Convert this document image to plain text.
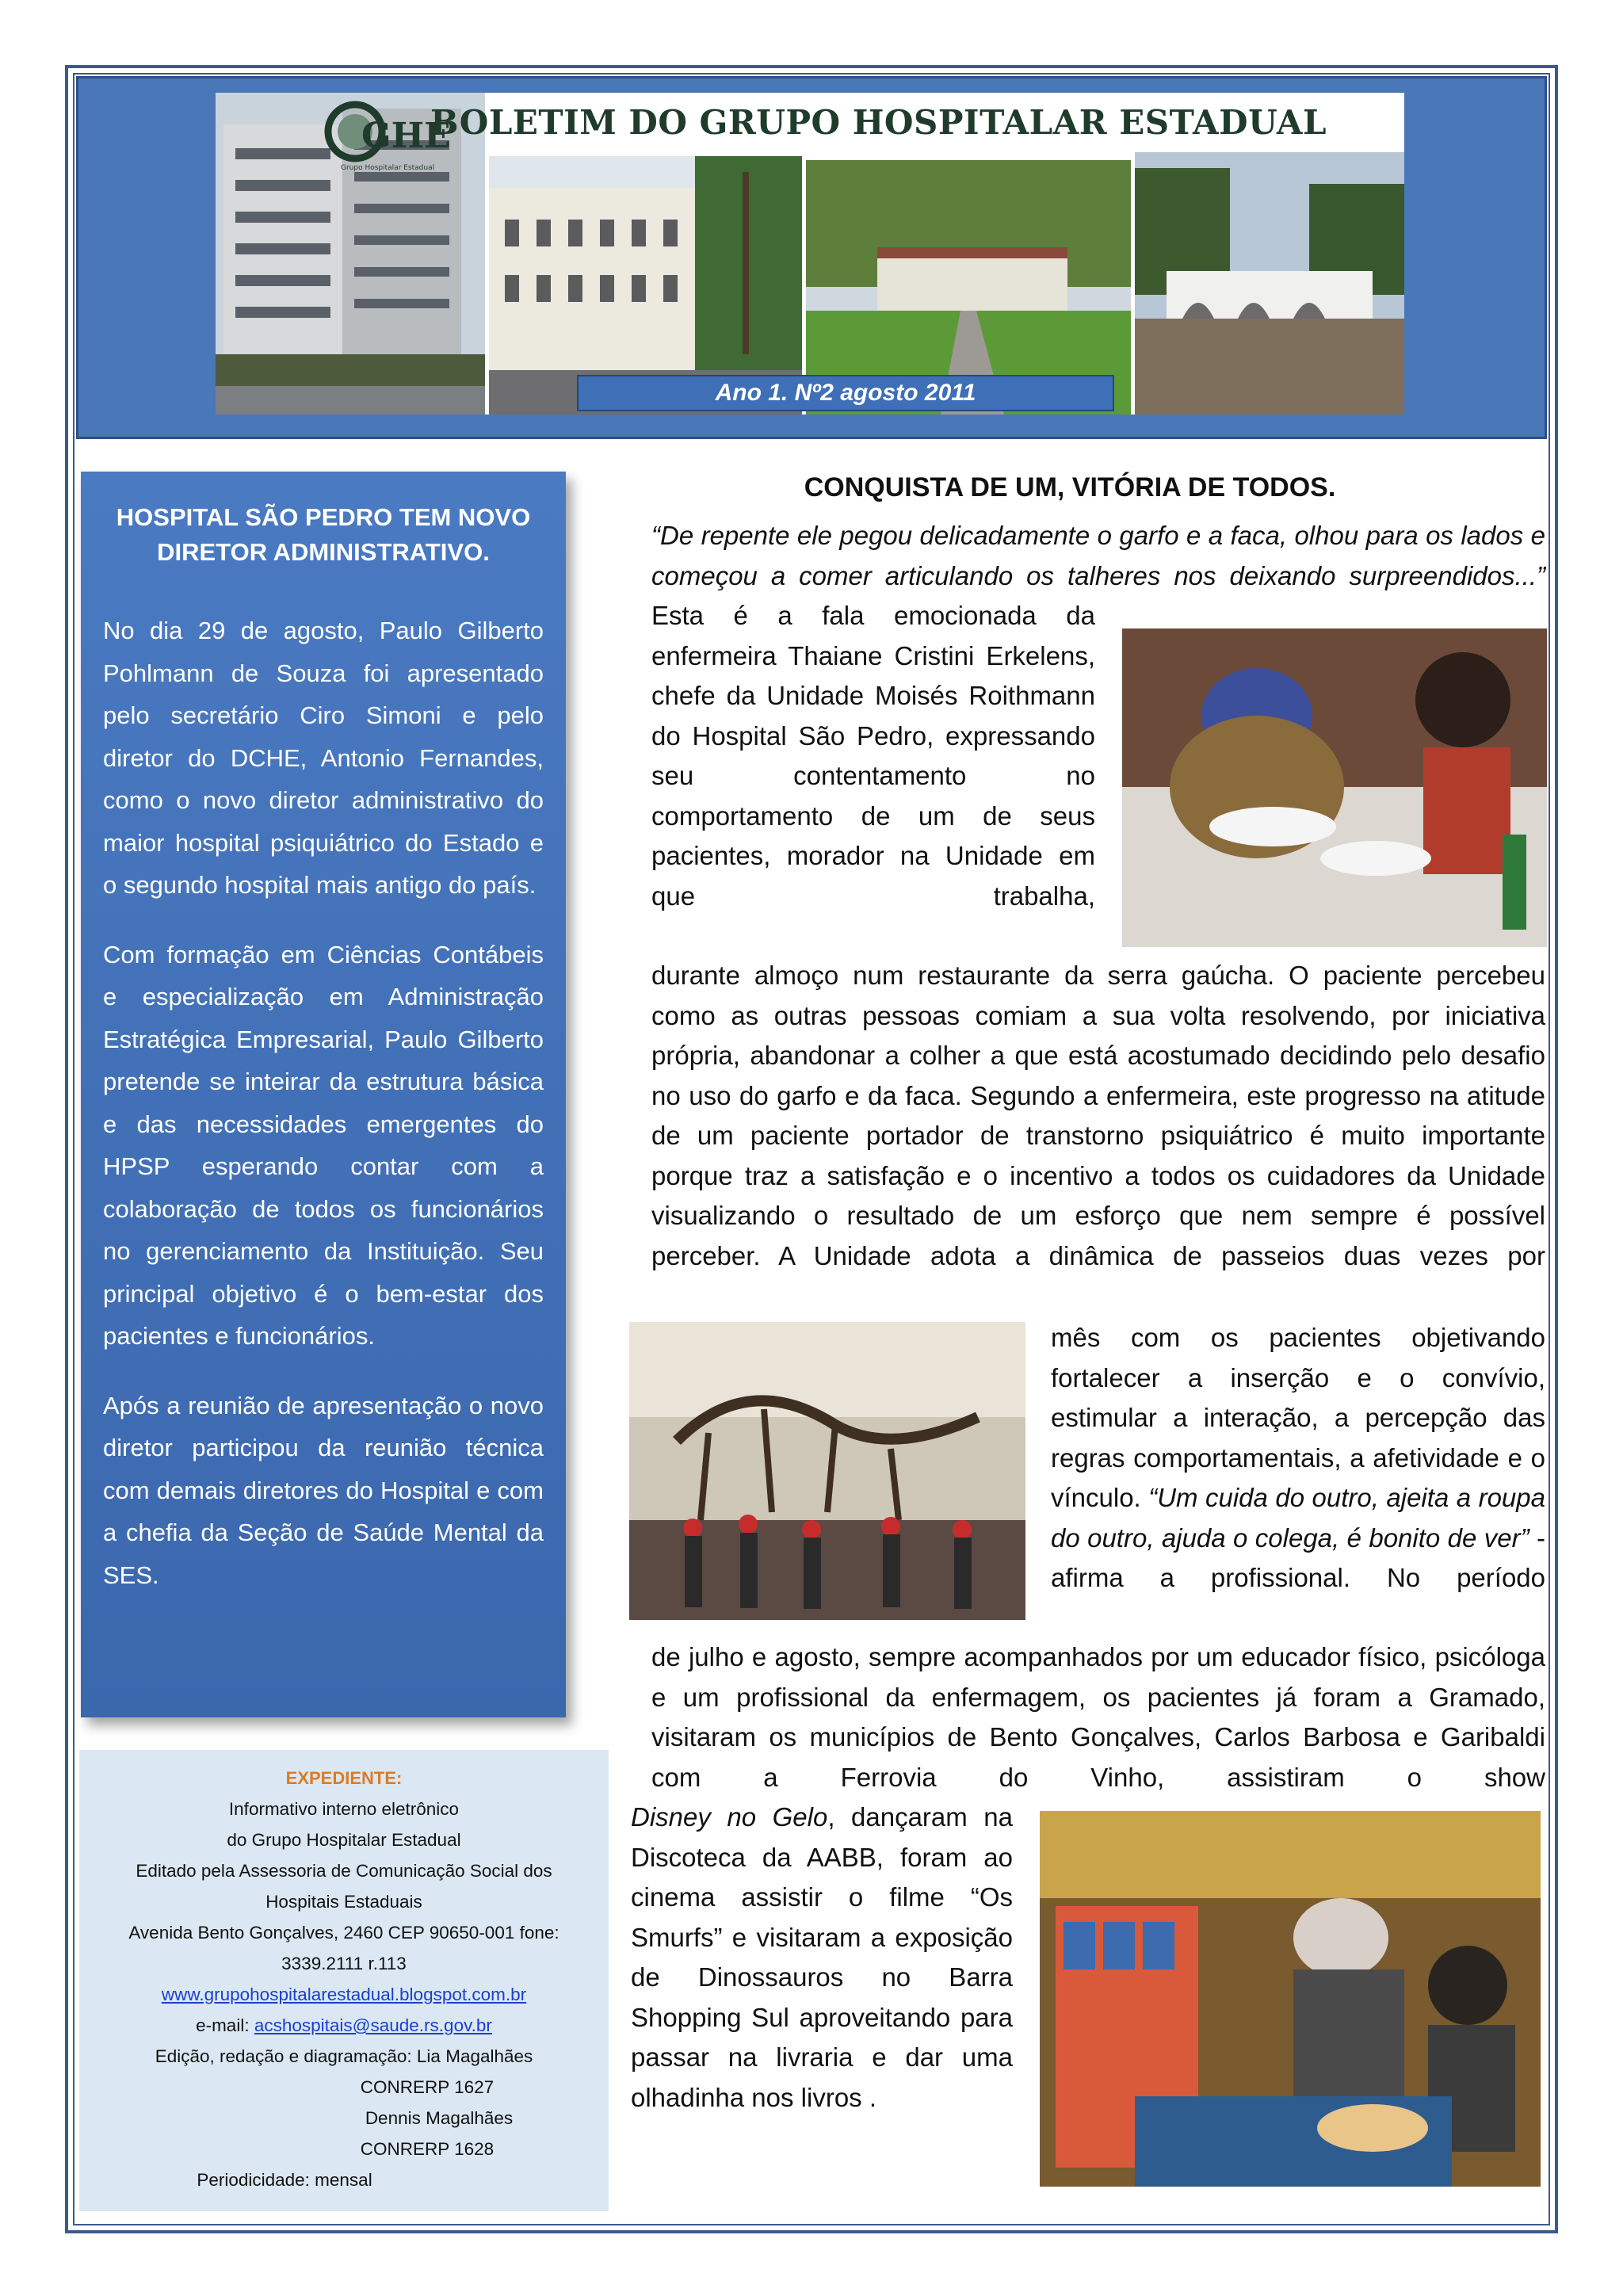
GHE
Grupo Hospitalar Estadual
BOLETIM DO GRUPO HOSPITALAR ESTADUAL
Ano 1. Nº2 agosto 2011

HOSPITAL SÃO PEDRO TEM NOVO DIRETOR ADMINISTRATIVO.

No dia 29 de agosto, Paulo Gilberto Pohlmann de Souza foi apresentado pelo secretário Ciro Simoni e pelo diretor do DCHE, Antonio Fernandes, como o novo diretor administrativo do maior hospital psiquiátrico do Estado e o segundo hospital mais antigo do país.

Com formação em Ciências Contábeis e especialização em Administração Estratégica Empresarial, Paulo Gilberto pretende se inteirar da estrutura básica e das necessidades emergentes do HPSP esperando contar com a colaboração de todos os funcionários no gerenciamento da Instituição. Seu principal objetivo é o bem-estar dos pacientes e funcionários.

Após a reunião de apresentação o novo diretor participou da reunião técnica com demais diretores do Hospital e com a chefia da Seção de Saúde Mental da SES.

EXPEDIENTE:
Informativo interno eletrônico
do Grupo Hospitalar Estadual
Editado pela Assessoria de Comunicação Social dos Hospitais Estaduais
Avenida Bento Gonçalves, 2460 CEP 90650-001 fone: 3339.2111 r.113
www.grupohospitalarestadual.blogspot.com.br
e-mail: acshospitais@saude.rs.gov.br
Edição, redação e diagramação: Lia Magalhães
CONRERP 1627
Dennis Magalhães
CONRERP 1628
Periodicidade: mensal
CONQUISTA DE UM, VITÓRIA DE TODOS.

“De repente ele pegou delicadamente o garfo e a faca, olhou para os lados e começou a comer articulando os talheres nos deixando surpreendidos...”

Esta é a fala emocionada da enfermeira Thaiane Cristini Erkelens, chefe da Unidade Moisés Roithmann do Hospital São Pedro, expressando seu contentamento no comportamento de um de seus pacientes, morador na Unidade em que trabalha,

durante almoço num restaurante da serra gaúcha. O paciente percebeu como as outras pessoas comiam a sua volta resolvendo, por iniciativa própria, abandonar a colher a que está acostumado decidindo pelo desafio no uso do garfo e da faca. Segundo a enfermeira, este progresso na atitude de um paciente portador de transtorno psiquiátrico é muito importante porque traz a satisfação e o incentivo a todos os cuidadores da Unidade visualizando o resultado de um esforço que nem sempre é possível perceber. A Unidade adota a dinâmica de passeios duas vezes por

mês com os pacientes objetivando fortalecer a inserção e o convívio, estimular a interação, a percepção das regras comportamentais, a afetividade e o vínculo. “Um cuida do outro, ajeita a roupa do outro, ajuda o colega, é bonito de ver” - afirma a profissional. No período

de julho e agosto, sempre acompanhados por um educador físico, psicóloga e um profissional da enfermagem, os pacientes já foram a Gramado, visitaram os municípios de Bento Gonçalves, Carlos Barbosa e Garibaldi com a Ferrovia do Vinho, assistiram o show

Disney no Gelo, dançaram na Discoteca da AABB, foram ao cinema assistir o filme “Os Smurfs” e visitaram a exposição de Dinossauros no Barra Shopping Sul aproveitando para passar na livraria e dar uma olhadinha nos livros .
